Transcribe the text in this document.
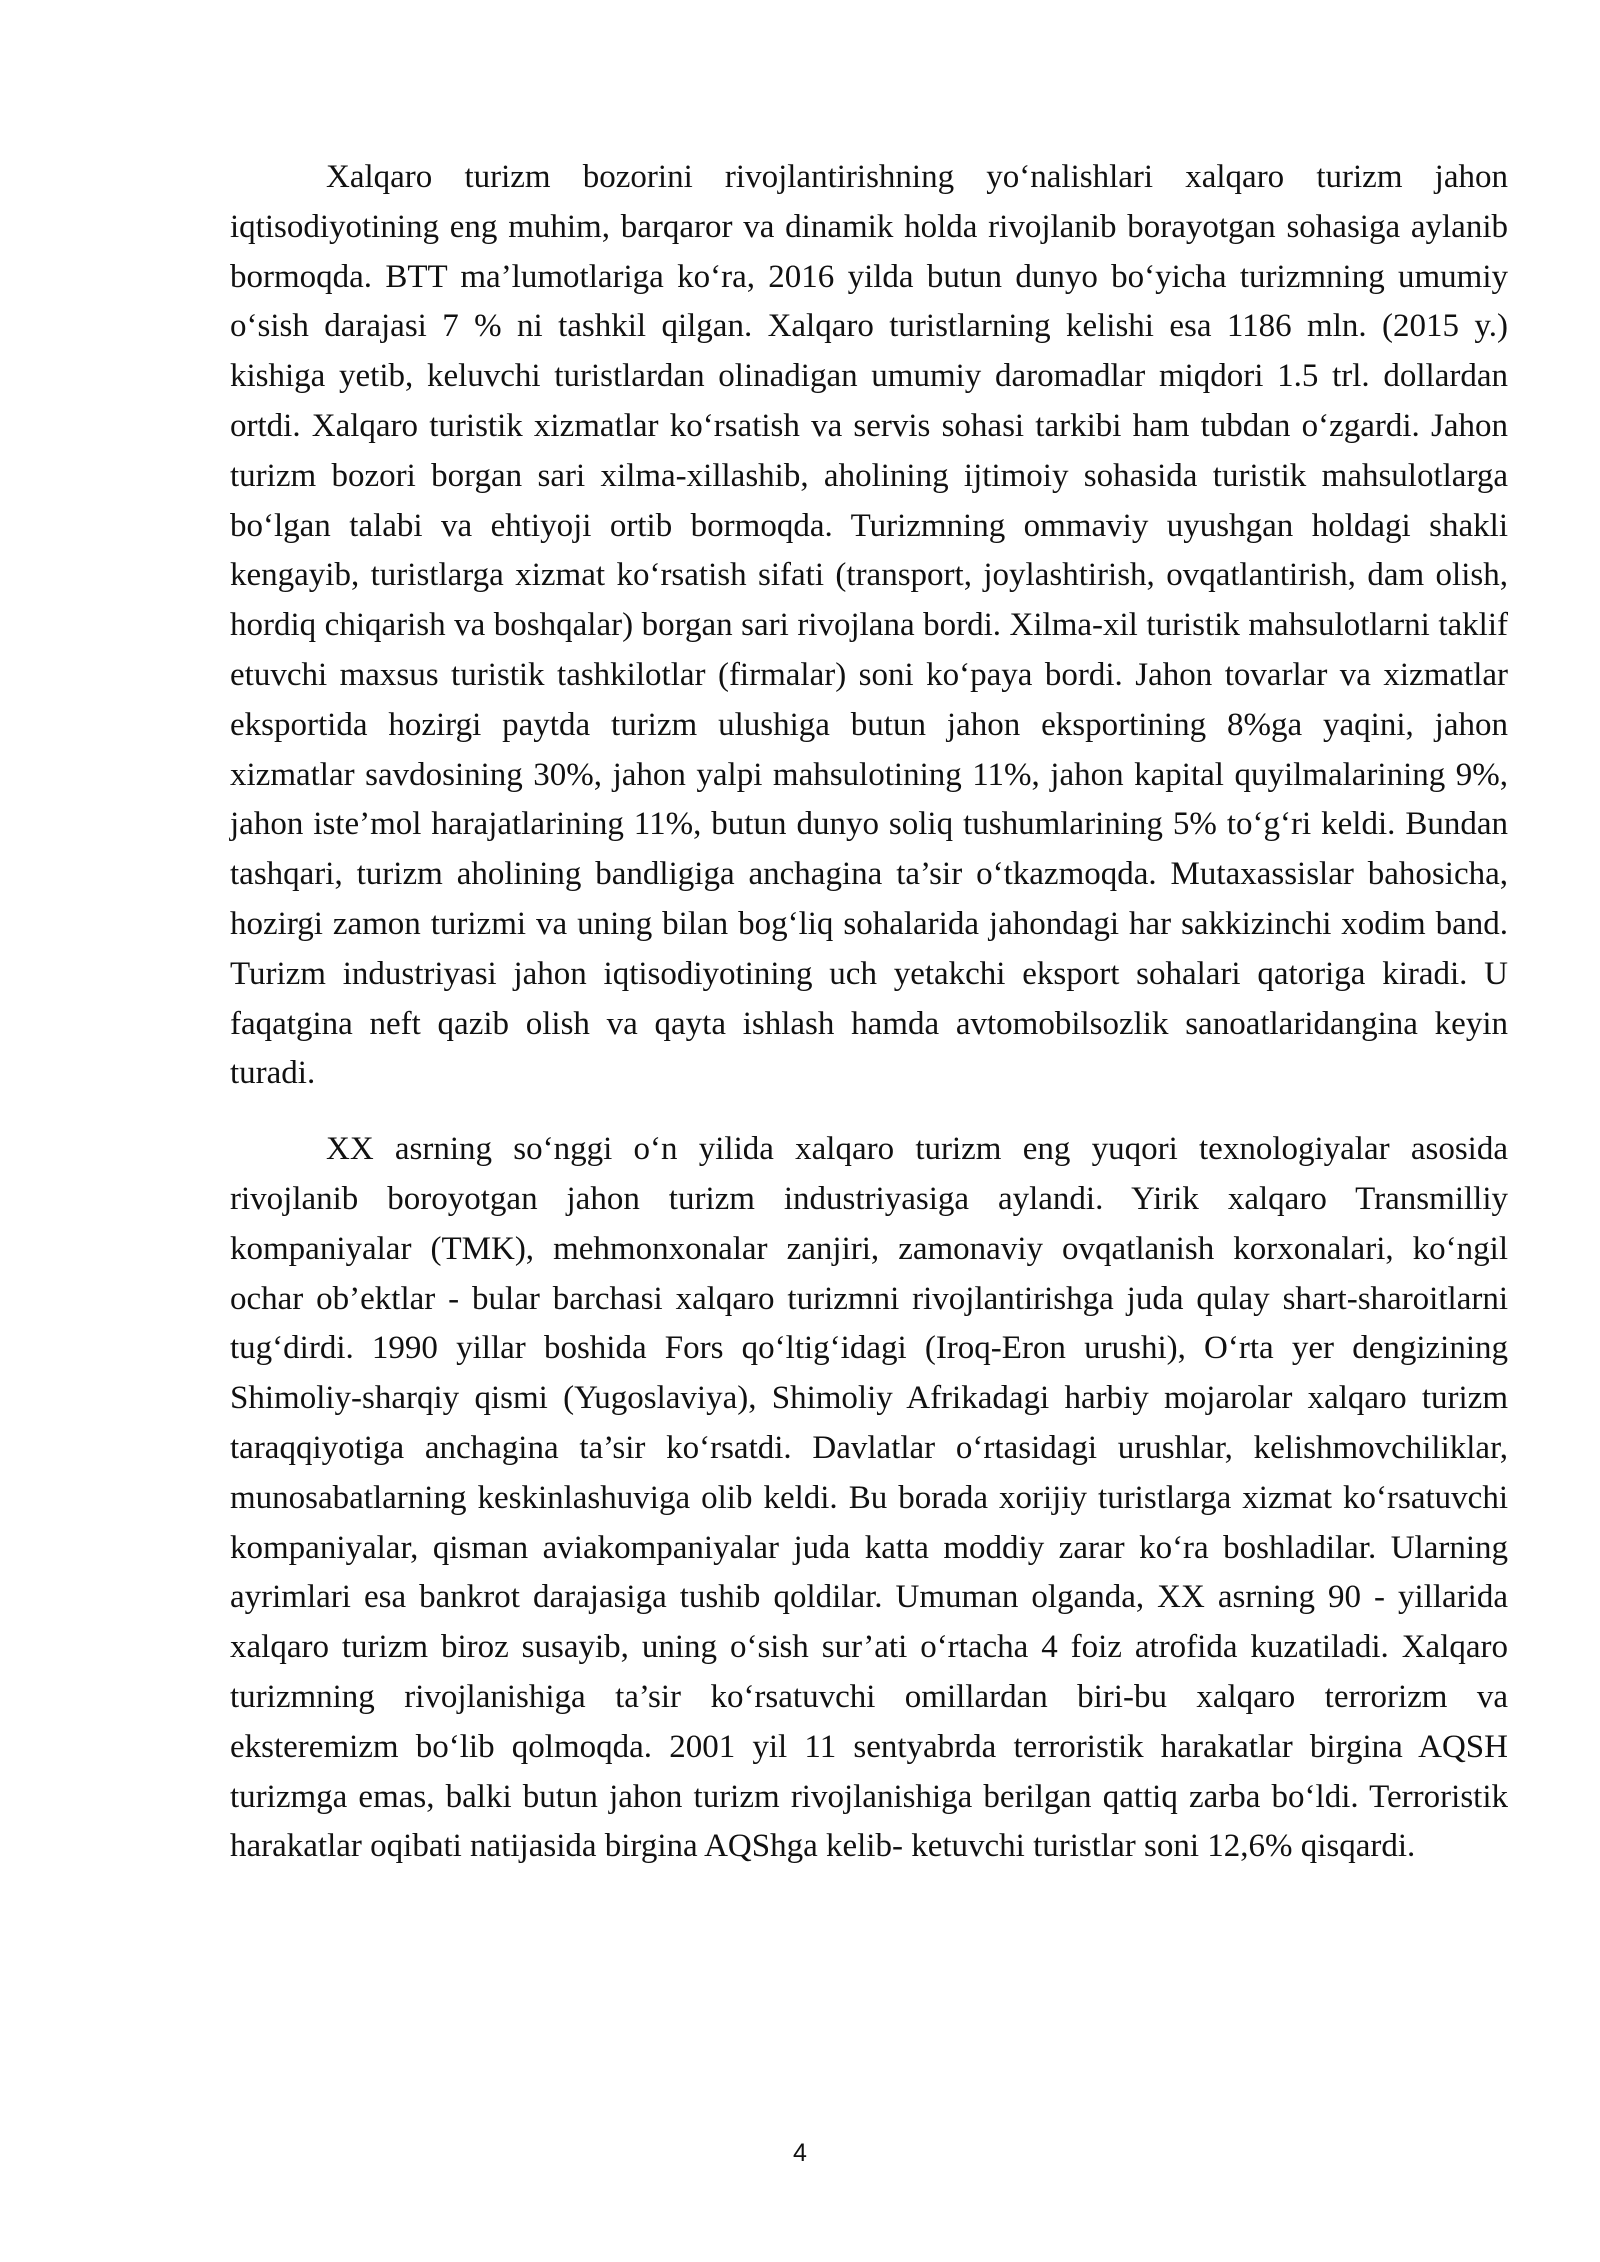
Xalqaro turizm bozorini rivojlantirishning yo‘nalishlari xalqaro turizm jahon iqtisodiyotining eng muhim, barqaror va dinamik holda rivojlanib borayotgan sohasiga aylanib bormoqda. BTT ma’lumotlariga ko‘ra, 2016 yilda butun dunyo bo‘yicha turizmning umumiy o‘sish darajasi 7 % ni tashkil qilgan. Xalqaro turistlarning kelishi esa 1186 mln. (2015 y.) kishiga yetib, keluvchi turistlardan olinadigan umumiy daromadlar miqdori 1.5 trl. dollardan ortdi. Xalqaro turistik xizmatlar ko‘rsatish va servis sohasi tarkibi ham tubdan o‘zgardi. Jahon turizm bozori borgan sari xilma-xillashib, aholining ijtimoiy sohasida turistik mahsulotlarga bo‘lgan talabi va ehtiyoji ortib bormoqda. Turizmning ommaviy uyushgan holdagi shakli kengayib, turistlarga xizmat ko‘rsatish sifati (transport, joylashtirish, ovqatlantirish, dam olish, hordiq chiqarish va boshqalar) borgan sari rivojlana bordi. Xilma-xil turistik mahsulotlarni taklif etuvchi maxsus turistik tashkilotlar (firmalar) soni ko‘paya bordi. Jahon tovarlar va xizmatlar eksportida hozirgi paytda turizm ulushiga butun jahon eksportining 8%ga yaqini, jahon xizmatlar savdosining 30%, jahon yalpi mahsulotining 11%, jahon kapital quyilmalarining 9%, jahon iste’mol harajatlarining 11%, butun dunyo soliq tushumlarining 5% to‘g‘ri keldi. Bundan tashqari, turizm aholining bandligiga anchagina ta’sir o‘tkazmoqda. Mutaxassislar bahosicha, hozirgi zamon turizmi va uning bilan bog‘liq sohalarida jahondagi har sakkizinchi xodim band. Turizm industriyasi jahon iqtisodiyotining uch yetakchi eksport sohalari qatoriga kiradi. U faqatgina neft qazib olish va qayta ishlash hamda avtomobilsozlik sanoatlaridangina keyin turadi.

XX asrning so‘nggi o‘n yilida xalqaro turizm eng yuqori texnologiyalar asosida rivojlanib boroyotgan jahon turizm industriyasiga aylandi. Yirik xalqaro Transmilliy kompaniyalar (TMK), mehmonxonalar zanjiri, zamonaviy ovqatlanish korxonalari, ko‘ngil ochar ob’ektlar - bular barchasi xalqaro turizmni rivojlantirishga juda qulay shart-sharoitlarni tug‘dirdi. 1990 yillar boshida Fors qo‘ltig‘idagi (Iroq-Eron urushi), O‘rta yer dengizining Shimoliy-sharqiy qismi (Yugoslaviya), Shimoliy Afrikadagi harbiy mojarolar xalqaro turizm taraqqiyotiga anchagina ta’sir ko‘rsatdi. Davlatlar o‘rtasidagi urushlar, kelishmovchiliklar, munosabatlarning keskinlashuviga olib keldi. Bu borada xorijiy turistlarga xizmat ko‘rsatuvchi kompaniyalar, qisman aviakompaniyalar juda katta moddiy zarar ko‘ra boshladilar. Ularning ayrimlari esa bankrot darajasiga tushib qoldilar. Umuman olganda, XX asrning 90 - yillarida xalqaro turizm biroz susayib, uning o‘sish sur’ati o‘rtacha 4 foiz atrofida kuzatiladi. Xalqaro turizmning rivojlanishiga ta’sir ko‘rsatuvchi omillardan biri-bu xalqaro terrorizm va eksteremizm bo‘lib qolmoqda. 2001 yil 11 sentyabrda terroristik harakatlar birgina AQSH turizmga emas, balki butun jahon turizm rivojlanishiga berilgan qattiq zarba bo‘ldi. Terroristik harakatlar oqibati natijasida birgina AQShga kelib- ketuvchi turistlar soni 12,6% qisqardi.

4
